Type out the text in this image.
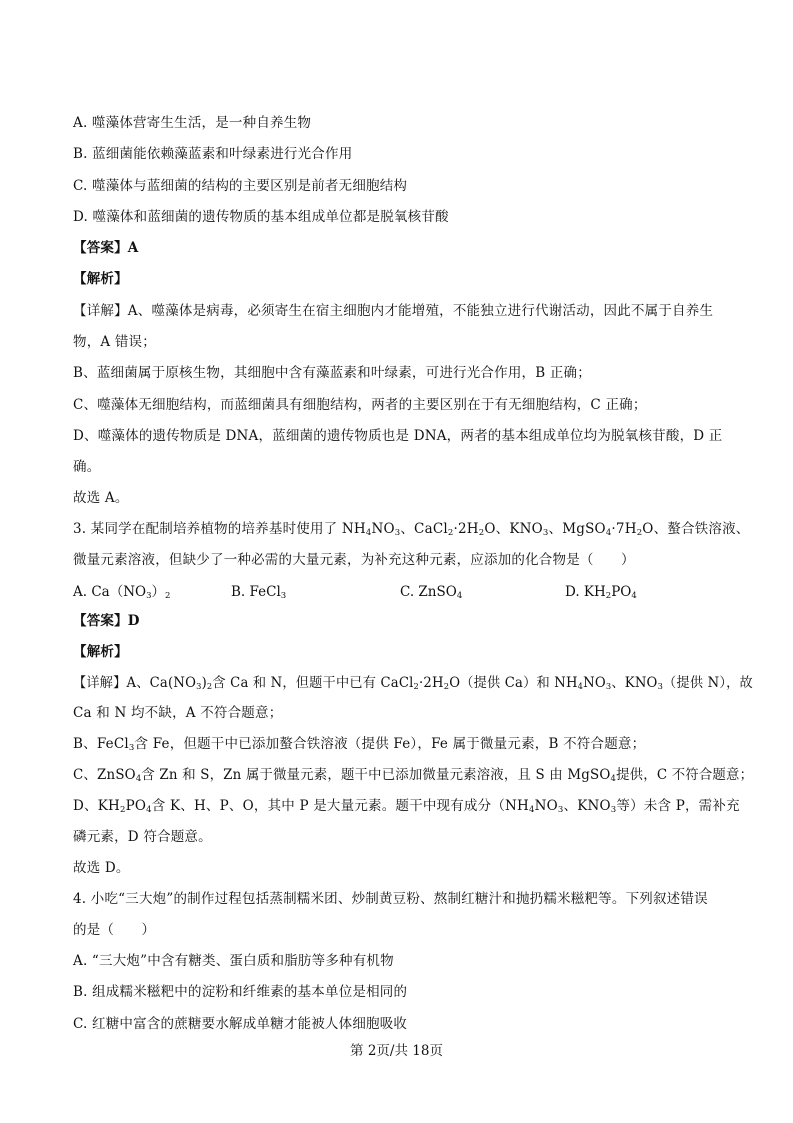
A. 噬藻体营寄生生活，是一种自养生物
B. 蓝细菌能依赖藻蓝素和叶绿素进行光合作用
C. 噬藻体与蓝细菌的结构的主要区别是前者无细胞结构
D. 噬藻体和蓝细菌的遗传物质的基本组成单位都是脱氧核苷酸
【答案】A
【解析】
【详解】A、噬藻体是病毒，必须寄生在宿主细胞内才能增殖，不能独立进行代谢活动，因此不属于自养生
物，A 错误；
B、蓝细菌属于原核生物，其细胞中含有藻蓝素和叶绿素，可进行光合作用，B 正确；
C、噬藻体无细胞结构，而蓝细菌具有细胞结构，两者的主要区别在于有无细胞结构，C 正确；
D、噬藻体的遗传物质是 DNA，蓝细菌的遗传物质也是 DNA，两者的基本组成单位均为脱氧核苷酸，D 正
确。
故选 A。
3. 某同学在配制培养植物的培养基时使用了 $NH_4NO_3$、$CaCl_2\cdot 2H_2O$、$KNO_3$、$MgSO_4\cdot 7H_2O$、螯合铁溶液、
微量元素溶液，但缺少了一种必需的大量元素，为补充这种元素，应添加的化合物是（　　）
A. $Ca(NO_3)_2$	B. FeCl$_3$	C. ZnSO$_4$	D. $KH_2PO_4$
【答案】D
【解析】
【详解】A、$Ca(NO_3)_2$含 Ca 和 N，但题干中已有 $CaCl_2\cdot 2H_2O$（提供 Ca）和 $NH_4NO_3$、$KNO_3$（提供 N），故
Ca 和 N 均不缺，A 不符合题意；
B、FeCl$_3$含 Fe，但题干中已添加螯合铁溶液（提供 Fe），Fe 属于微量元素，B 不符合题意；
C、ZnSO$_4$含 Zn 和 S，Zn 属于微量元素，题干中已添加微量元素溶液，且 S 由 MgSO$_4$提供，C 不符合题意；
D、$KH_2PO_4$含 K、H、P、O，其中 P 是大量元素。题干中现有成分（$NH_4NO_3$、$KNO_3$等）未含 P，需补充
磷元素，D 符合题意。
故选 D。
4. 小吃“三大炮”的制作过程包括蒸制糯米团、炒制黄豆粉、熬制红糖汁和抛扔糯米糍粑等。下列叙述错误
的是（　　）
A. “三大炮”中含有糖类、蛋白质和脂肪等多种有机物
B. 组成糯米糍粑中的淀粉和纤维素的基本单位是相同的
C. 红糖中富含的蔗糖要水解成单糖才能被人体细胞吸收
第 2页/共 18页
